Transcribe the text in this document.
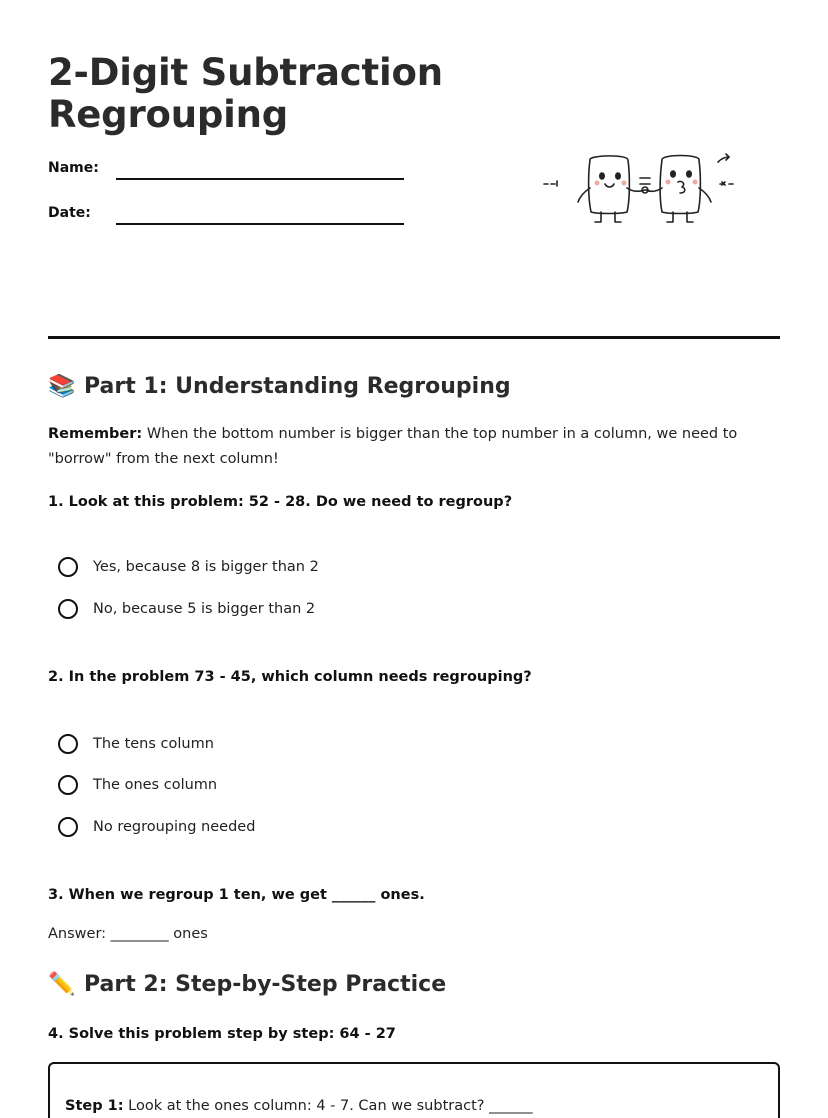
2-Digit Subtraction Regrouping
Name:
Date:
📚 Part 1: Understanding Regrouping
Remember: When the bottom number is bigger than the top number in a column, we need to "borrow" from the next column!
1. Look at this problem: 52 - 28. Do we need to regroup?
Yes, because 8 is bigger than 2
No, because 5 is bigger than 2
2. In the problem 73 - 45, which column needs regrouping?
The tens column
The ones column
No regrouping needed
3. When we regroup 1 ten, we get ______ ones.
Answer: ________ ones
✏️ Part 2: Step-by-Step Practice
4. Solve this problem step by step: 64 - 27
Step 1: Look at the ones column: 4 - 7. Can we subtract? ______
